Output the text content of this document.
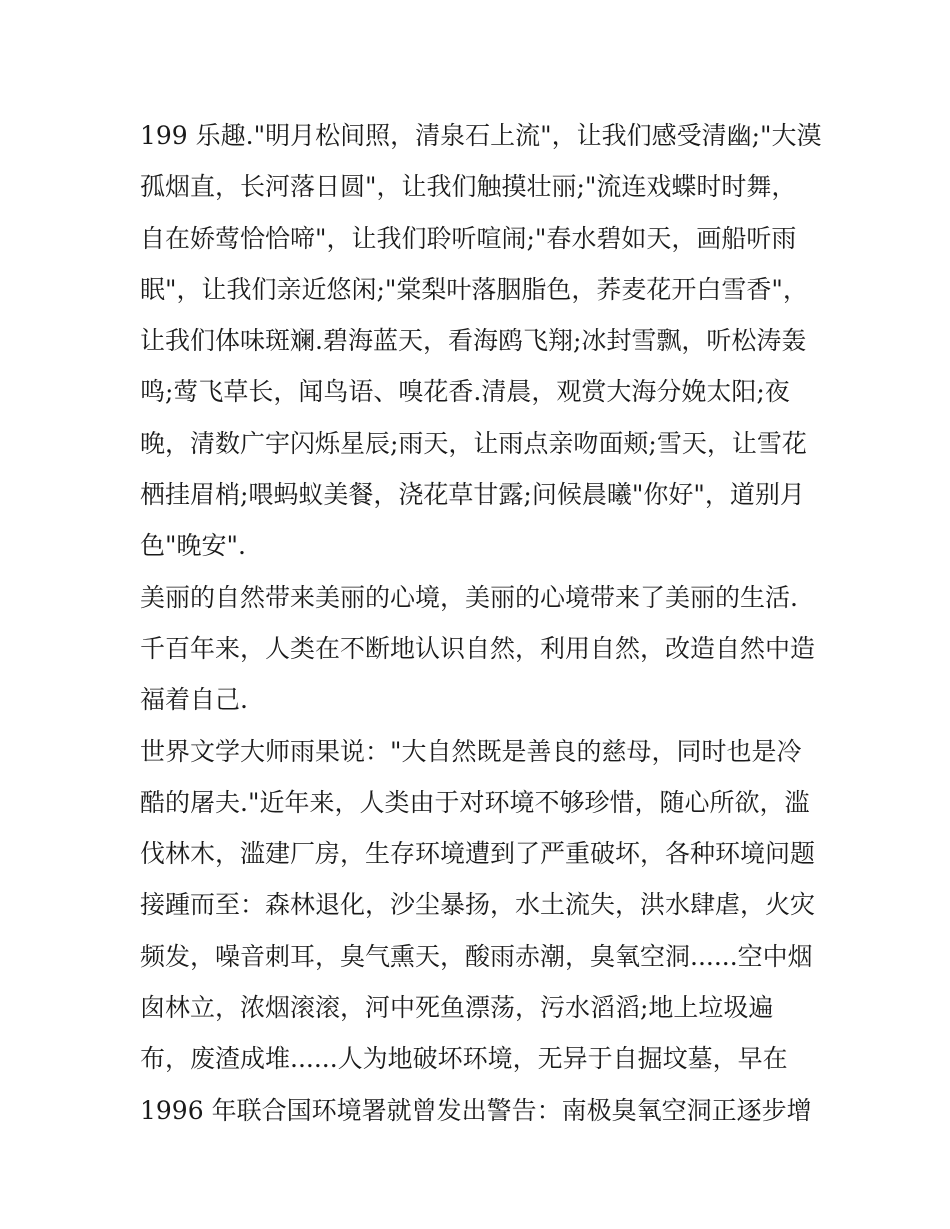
199 乐趣."明月松间照，清泉石上流"，让我们感受清幽;"大漠
孤烟直，长河落日圆"，让我们触摸壮丽;"流连戏蝶时时舞，
自在娇莺恰恰啼"，让我们聆听喧闹;"春水碧如天，画船听雨
眠"，让我们亲近悠闲;"棠梨叶落胭脂色，荞麦花开白雪香"，
让我们体味斑斓.碧海蓝天，看海鸥飞翔;冰封雪飘，听松涛轰
鸣;莺飞草长，闻鸟语、嗅花香.清晨，观赏大海分娩太阳;夜
晚，清数广宇闪烁星辰;雨天，让雨点亲吻面颊;雪天，让雪花
栖挂眉梢;喂蚂蚁美餐，浇花草甘露;问候晨曦"你好"，道别月
色"晚安".
美丽的自然带来美丽的心境，美丽的心境带来了美丽的生活.
千百年来，人类在不断地认识自然，利用自然，改造自然中造
福着自己.
世界文学大师雨果说："大自然既是善良的慈母，同时也是冷
酷的屠夫."近年来，人类由于对环境不够珍惜，随心所欲，滥
伐林木，滥建厂房，生存环境遭到了严重破坏，各种环境问题
接踵而至：森林退化，沙尘暴扬，水土流失，洪水肆虐，火灾
频发，噪音刺耳，臭气熏天，酸雨赤潮，臭氧空洞......空中烟
囱林立，浓烟滚滚，河中死鱼漂荡，污水滔滔;地上垃圾遍
布，废渣成堆......人为地破坏环境，无异于自掘坟墓，早在
1996 年联合国环境署就曾发出警告：南极臭氧空洞正逐步增
